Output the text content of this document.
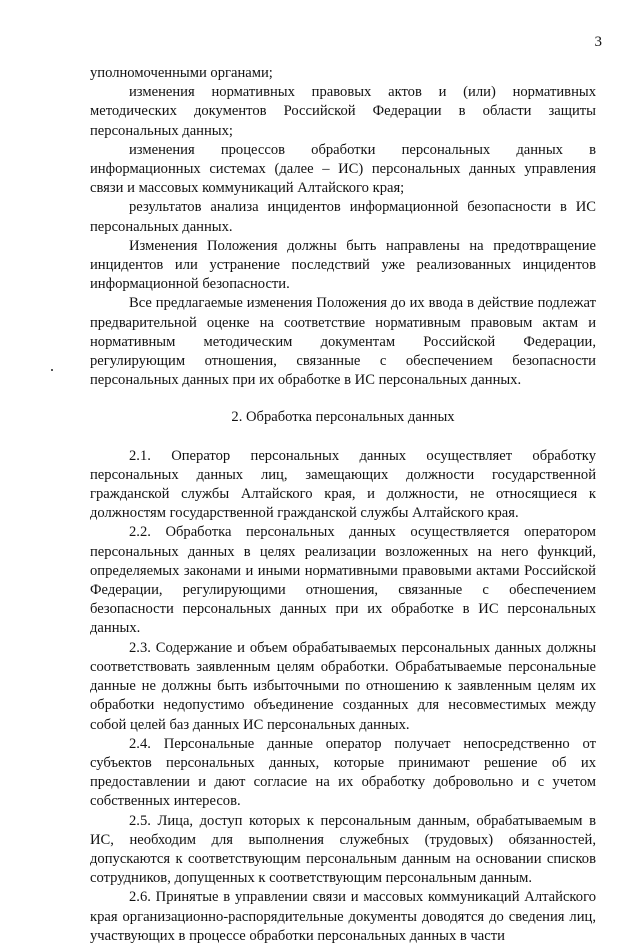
3

уполномоченными органами;

изменения нормативных правовых актов и (или) нормативных методических документов Российской Федерации в области защиты персональных данных;

изменения процессов обработки персональных данных в информационных системах (далее – ИС) персональных данных управления связи и массовых коммуникаций Алтайского края;

результатов анализа инцидентов информационной безопасности в ИС персональных данных.

Изменения Положения должны быть направлены на предотвращение инцидентов или устранение последствий уже реализованных инцидентов информационной безопасности.

Все предлагаемые изменения Положения до их ввода в действие подлежат предварительной оценке на соответствие нормативным правовым актам и нормативным методическим документам Российской Федерации, регулирующим отношения, связанные с обеспечением безопасности персональных данных при их обработке в ИС персональных данных.

2. Обработка персональных данных

2.1. Оператор персональных данных осуществляет обработку персональных данных лиц, замещающих должности государственной гражданской службы Алтайского края, и должности, не относящиеся к должностям государственной гражданской службы Алтайского края.

2.2. Обработка персональных данных осуществляется оператором персональных данных в целях реализации возложенных на него функций, определяемых законами и иными нормативными правовыми актами Российской Федерации, регулирующими отношения, связанные с обеспечением безопасности персональных данных при их обработке в ИС персональных данных.

2.3. Содержание и объем обрабатываемых персональных данных должны соответствовать заявленным целям обработки. Обрабатываемые персональные данные не должны быть избыточными по отношению к заявленным целям их обработки недопустимо объединение созданных для несовместимых между собой целей баз данных ИС персональных данных.

2.4. Персональные данные оператор получает непосредственно от субъектов персональных данных, которые принимают решение об их предоставлении и дают согласие на их обработку добровольно и с учетом собственных интересов.

2.5. Лица, доступ которых к персональным данным, обрабатываемым в ИС, необходим для выполнения служебных (трудовых) обязанностей, допускаются к соответствующим персональным данным на основании списков сотрудников, допущенных к соответствующим персональным данным.

2.6. Принятые в управлении связи и массовых коммуникаций Алтайского края организационно-распорядительные документы доводятся до сведения лиц, участвующих в процессе обработки персональных данных в части
